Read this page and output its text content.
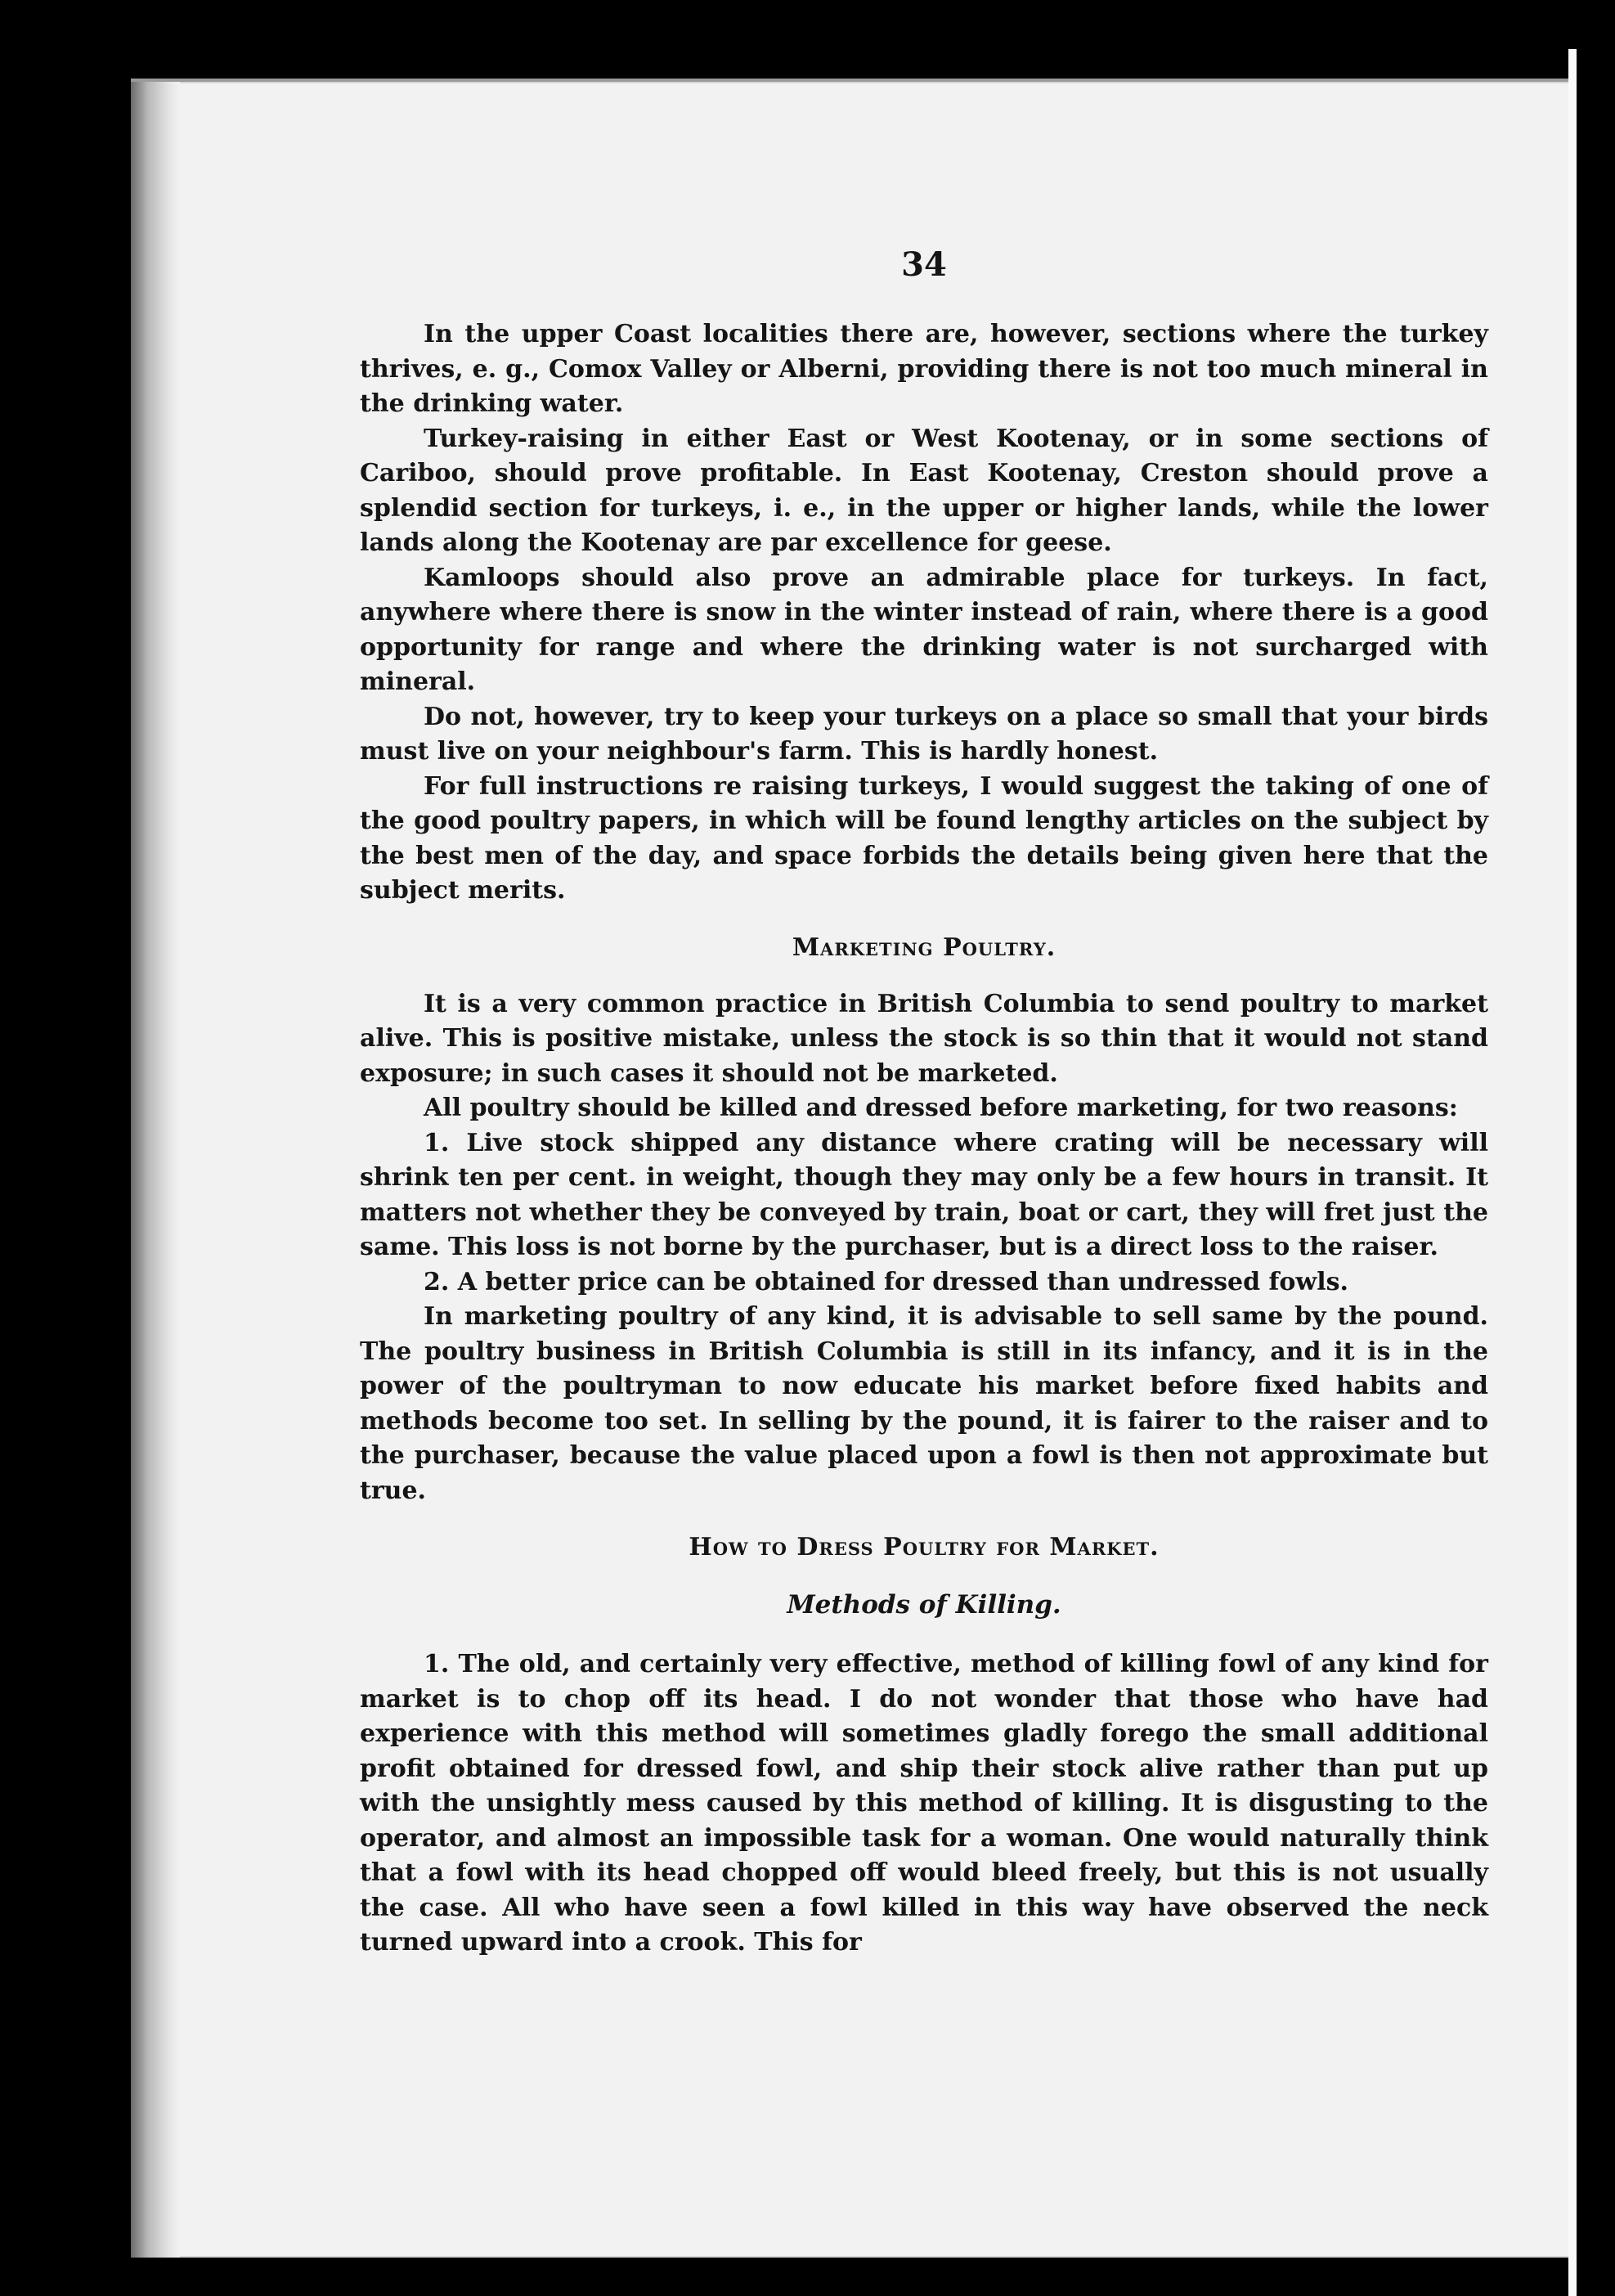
34

In the upper Coast localities there are, however, sections where the turkey thrives, e. g., Comox Valley or Alberni, providing there is not too much mineral in the drinking water.

Turkey-raising in either East or West Kootenay, or in some sections of Cariboo, should prove profitable. In East Kootenay, Creston should prove a splendid section for turkeys, i. e., in the upper or higher lands, while the lower lands along the Kootenay are par excellence for geese.

Kamloops should also prove an admirable place for turkeys. In fact, anywhere where there is snow in the winter instead of rain, where there is a good opportunity for range and where the drinking water is not surcharged with mineral.

Do not, however, try to keep your turkeys on a place so small that your birds must live on your neighbour's farm. This is hardly honest.

For full instructions re raising turkeys, I would suggest the taking of one of the good poultry papers, in which will be found lengthy articles on the subject by the best men of the day, and space forbids the details being given here that the subject merits.

Marketing Poultry.

It is a very common practice in British Columbia to send poultry to market alive. This is positive mistake, unless the stock is so thin that it would not stand exposure; in such cases it should not be marketed.

All poultry should be killed and dressed before marketing, for two reasons:

1. Live stock shipped any distance where crating will be necessary will shrink ten per cent. in weight, though they may only be a few hours in transit. It matters not whether they be conveyed by train, boat or cart, they will fret just the same. This loss is not borne by the purchaser, but is a direct loss to the raiser.

2. A better price can be obtained for dressed than undressed fowls.

In marketing poultry of any kind, it is advisable to sell same by the pound. The poultry business in British Columbia is still in its infancy, and it is in the power of the poultryman to now educate his market before fixed habits and methods become too set. In selling by the pound, it is fairer to the raiser and to the purchaser, because the value placed upon a fowl is then not approximate but true.

How to Dress Poultry for Market.
Methods of Killing.

1. The old, and certainly very effective, method of killing fowl of any kind for market is to chop off its head. I do not wonder that those who have had experience with this method will sometimes gladly forego the small additional profit obtained for dressed fowl, and ship their stock alive rather than put up with the unsightly mess caused by this method of killing. It is disgusting to the operator, and almost an impossible task for a woman. One would naturally think that a fowl with its head chopped off would bleed freely, but this is not usually the case. All who have seen a fowl killed in this way have observed the neck turned upward into a crook. This for
